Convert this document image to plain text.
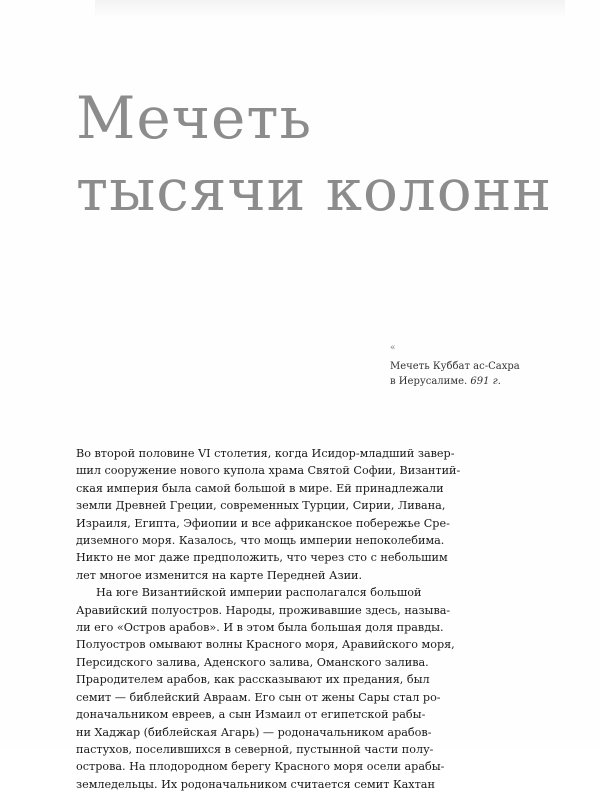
Мечеть
тысячи колонн
«
Мечеть Куббат ас-Сахра
в Иерусалиме. 691 г.
Во второй половине VI столетия, когда Исидор-младший завер-
шил сооружение нового купола храма Святой Софии, Византий-
ская империя была самой большой в мире. Ей принадлежали
земли Древней Греции, современных Турции, Сирии, Ливана,
Израиля, Египта, Эфиопии и все африканское побережье Сре-
диземного моря. Казалось, что мощь империи непоколебима.
Никто не мог даже предположить, что через сто с небольшим
лет многое изменится на карте Передней Азии.
На юге Византийской империи располагался большой
Аравийский полуостров. Народы, проживавшие здесь, называ-
ли его «Остров арабов». И в этом была большая доля правды.
Полуостров омывают волны Красного моря, Аравийского моря,
Персидского залива, Аденского залива, Оманского залива.
Прародителем арабов, как рассказывают их предания, был
семит — библейский Авраам. Его сын от жены Сары стал ро-
доначальником евреев, а сын Измаил от египетской рабы-
ни Хаджар (библейская Агарь) — родоначальником арабов-
пастухов, поселившихся в северной, пустынной части полу-
острова. На плодородном берегу Красного моря осели арабы-
земледельцы. Их родоначальником считается семит Кахтан
